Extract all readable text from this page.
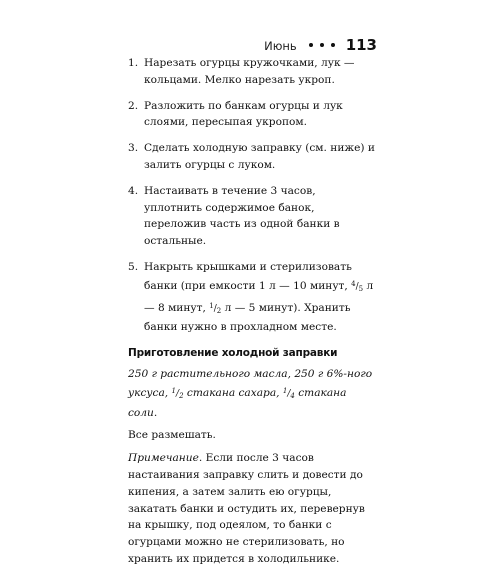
Июнь	113
1. Нарезать огурцы кружочками, лук — кольцами. Мелко нарезать укроп.
2. Разложить по банкам огурцы и лук слоями, пересыпая укропом.
3. Сделать холодную заправку (см. ниже) и залить огурцы с луком.
4. Настаивать в течение 3 часов, уплотнить содержимое банок, переложив часть из одной банки в остальные.
5. Накрыть крышками и стерилизовать банки (при емкости 1 л — 10 минут, $^4$/5 л — 8 минут, $^1$/2 л — 5 минут). Хранить банки нужно в прохладном месте.
Приготовление холодной заправки

250 г растительного масла, 250 г 6%-ного уксуса, $^1$/2 стакана сахара, $^1$/4 стакана соли.

Все размешать.

Примечание. Если после 3 часов настаивания заправку слить и довести до кипения, а затем залить ею огурцы, закатать банки и остудить их, перевернув на крышку, под одеялом, то банки с огурцами можно не стерилизовать, но хранить их придется в холодильнике.
